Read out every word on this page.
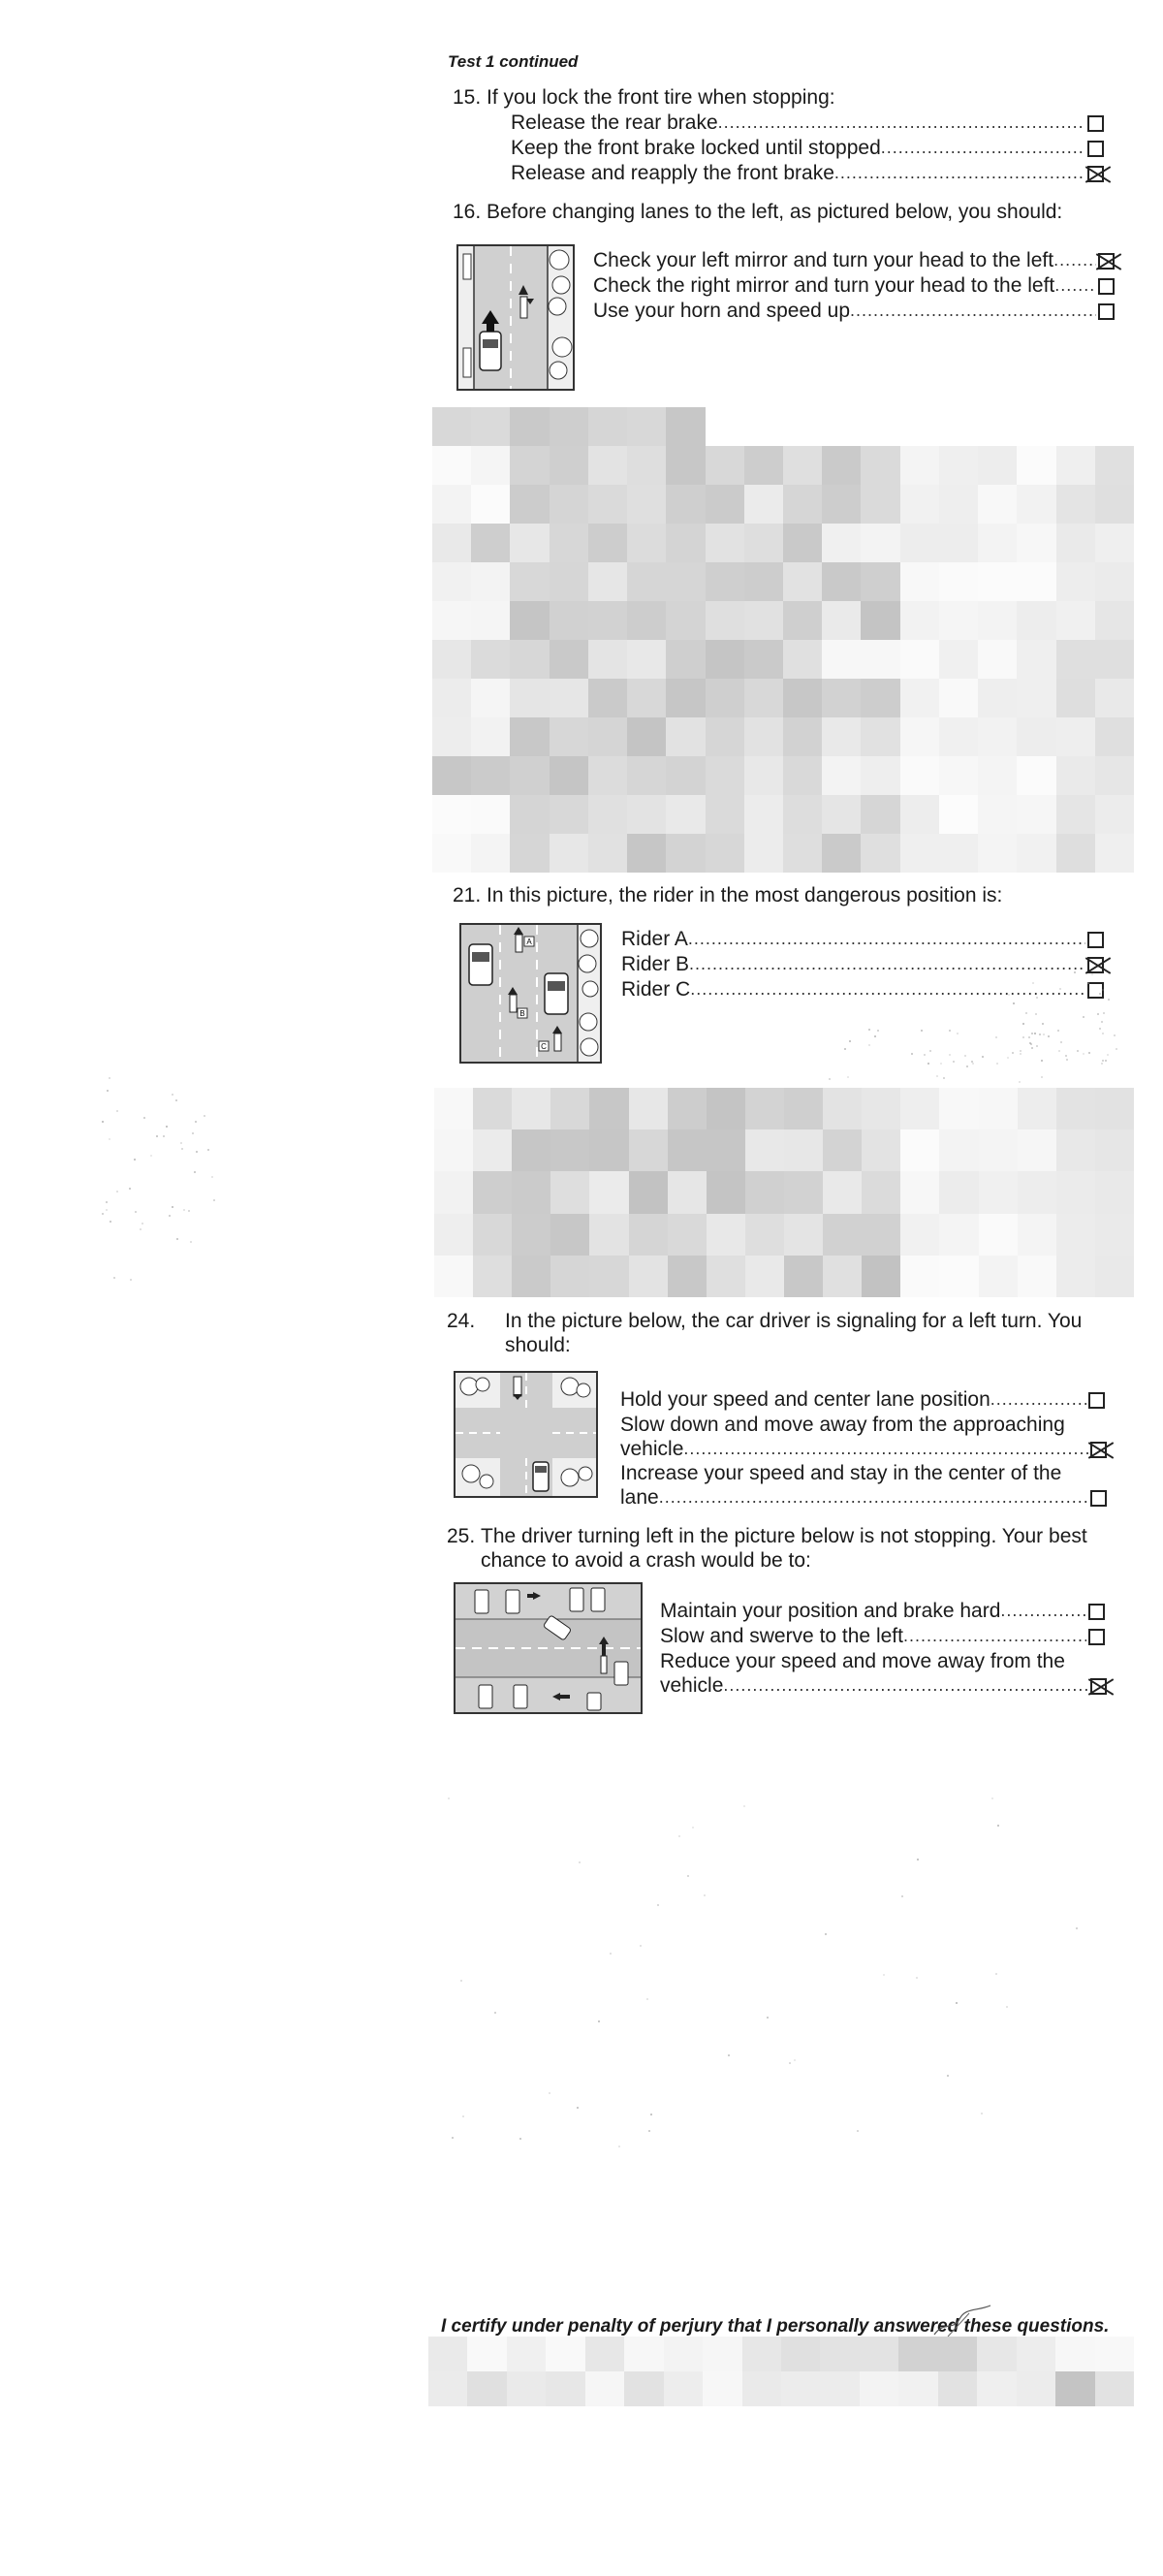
Test 1 continued
15. If you lock the front tire when stopping:
Release the rear brake
.....
Keep the front brake locked until stopped
.....
Release and reapply the front brake
.....
16. Before changing lanes to the left, as pictured below, you should:
Check your left mirror and turn your head to the left
.....
Check the right mirror and turn your head to the left
.....
Use your horn and speed up
.....
21. In this picture, the rider in the most dangerous position is:
A
B
C
Rider A
.....
Rider B
.....
Rider C
.....
24. In the picture below, the car driver is signaling for a left turn. You should:
Hold your speed and center lane position
.....
Slow down and move away from the approaching
vehicle
.....
Increase your speed and stay in the center of the
lane
.....
25. The driver turning left in the picture below is not stopping. Your best chance to avoid a crash would be to:
Maintain your position and brake hard
.....
Slow and swerve to the left
.....
Reduce your speed and move away from the
vehicle
.....
I certify under penalty of perjury that I personally answered these questions.
